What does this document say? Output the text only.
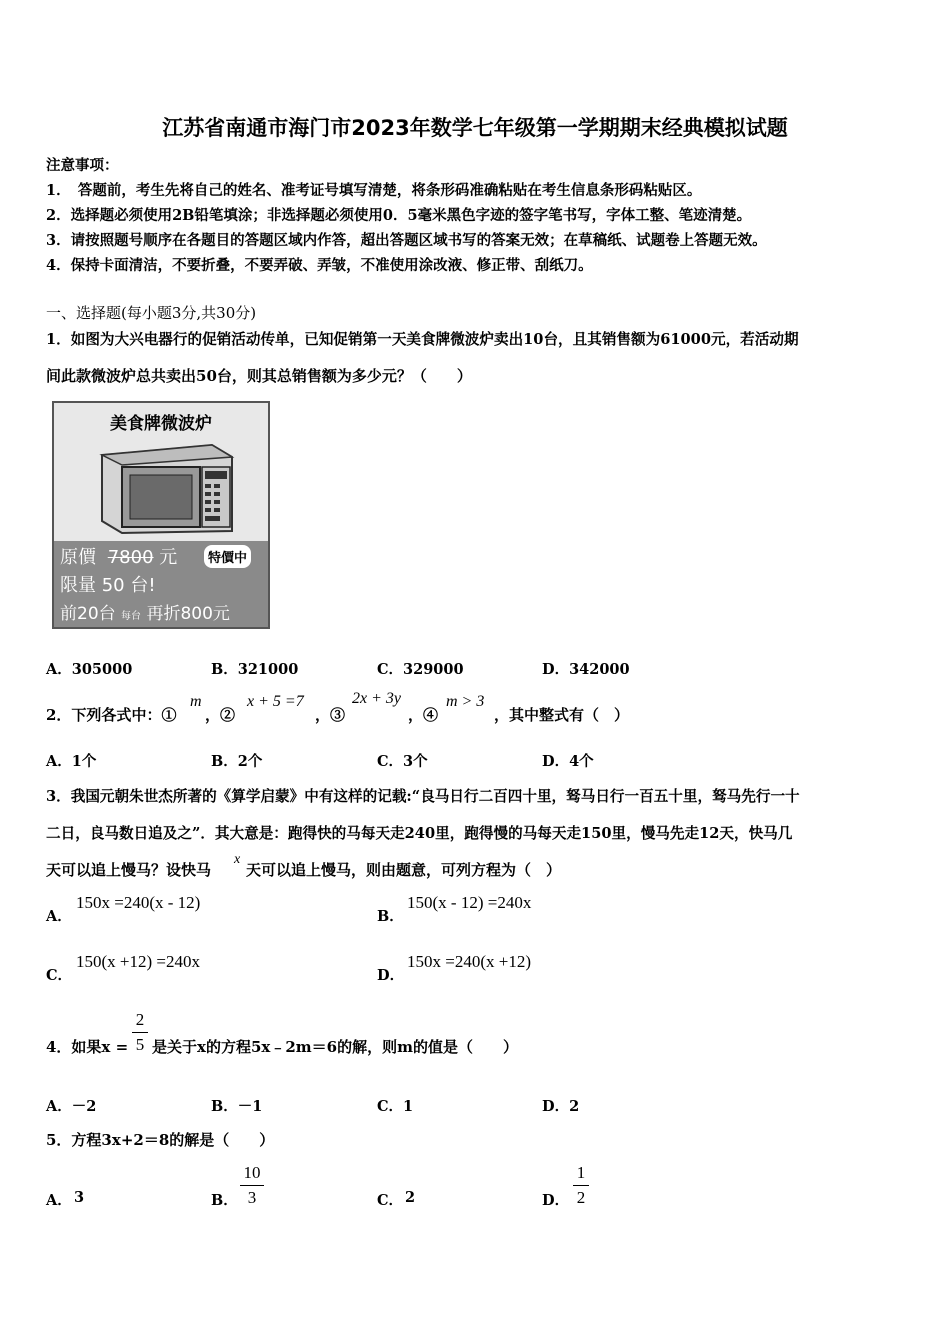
江苏省南通市海门市2023年数学七年级第一学期期末经典模拟试题
注意事项：
1．　答题前，考生先将自己的姓名、准考证号填写清楚，将条形码准确粘贴在考生信息条形码粘贴区。
2．选择题必须使用2B铅笔填涂；非选择题必须使用0．5毫米黑色字迹的签字笔书写，字体工整、笔迹清楚。
3．请按照题号顺序在各题目的答题区域内作答，超出答题区域书写的答案无效；在草稿纸、试题卷上答题无效。
4．保持卡面清洁，不要折叠，不要弄破、弄皱，不准使用涂改液、修正带、刮纸刀。
一、选择题(每小题3分,共30分)
1．如图为大兴电器行的促销活动传单，已知促销第一天美食牌微波炉卖出10台，且其销售额为61000元，若活动期
间此款微波炉总共卖出50台，则其总销售额为多少元？（　　）
美食牌微波炉
原價 7800 元	特價中
限量 50 台!
前20台 每台 再折800元
A．305000	B．321000	C．329000	D．342000
2．下列各式中：①
m
，②
x + 5 =7
，③
2x + 3y
，④
m > 3
，其中整式有（　）
A．1个	B．2个	C．3个	D．4个
3．我国元朝朱世杰所著的《算学启蒙》中有这样的记载:“良马日行二百四十里，驽马日行一百五十里，驽马先行一十
二日，良马数日追及之”．其大意是：跑得快的马每天走240里，跑得慢的马每天走150里，慢马先走12天，快马几
天可以追上慢马？设快马
x
天可以追上慢马，则由题意，可列方程为（　）
A．
150x =240(x - 12)
B．
150(x - 12) =240x
C．
150(x +12) =240x
D．
150x =240(x +12)
4．如果x =
2
5 是关于x的方程5x﹣2m＝6的解，则m的值是（　　）
A．－2	B．－1	C．1	D．2
5．方程3x+2＝8的解是（　　）
A． 3	B．
10
3	C． 2	D．
1
2
